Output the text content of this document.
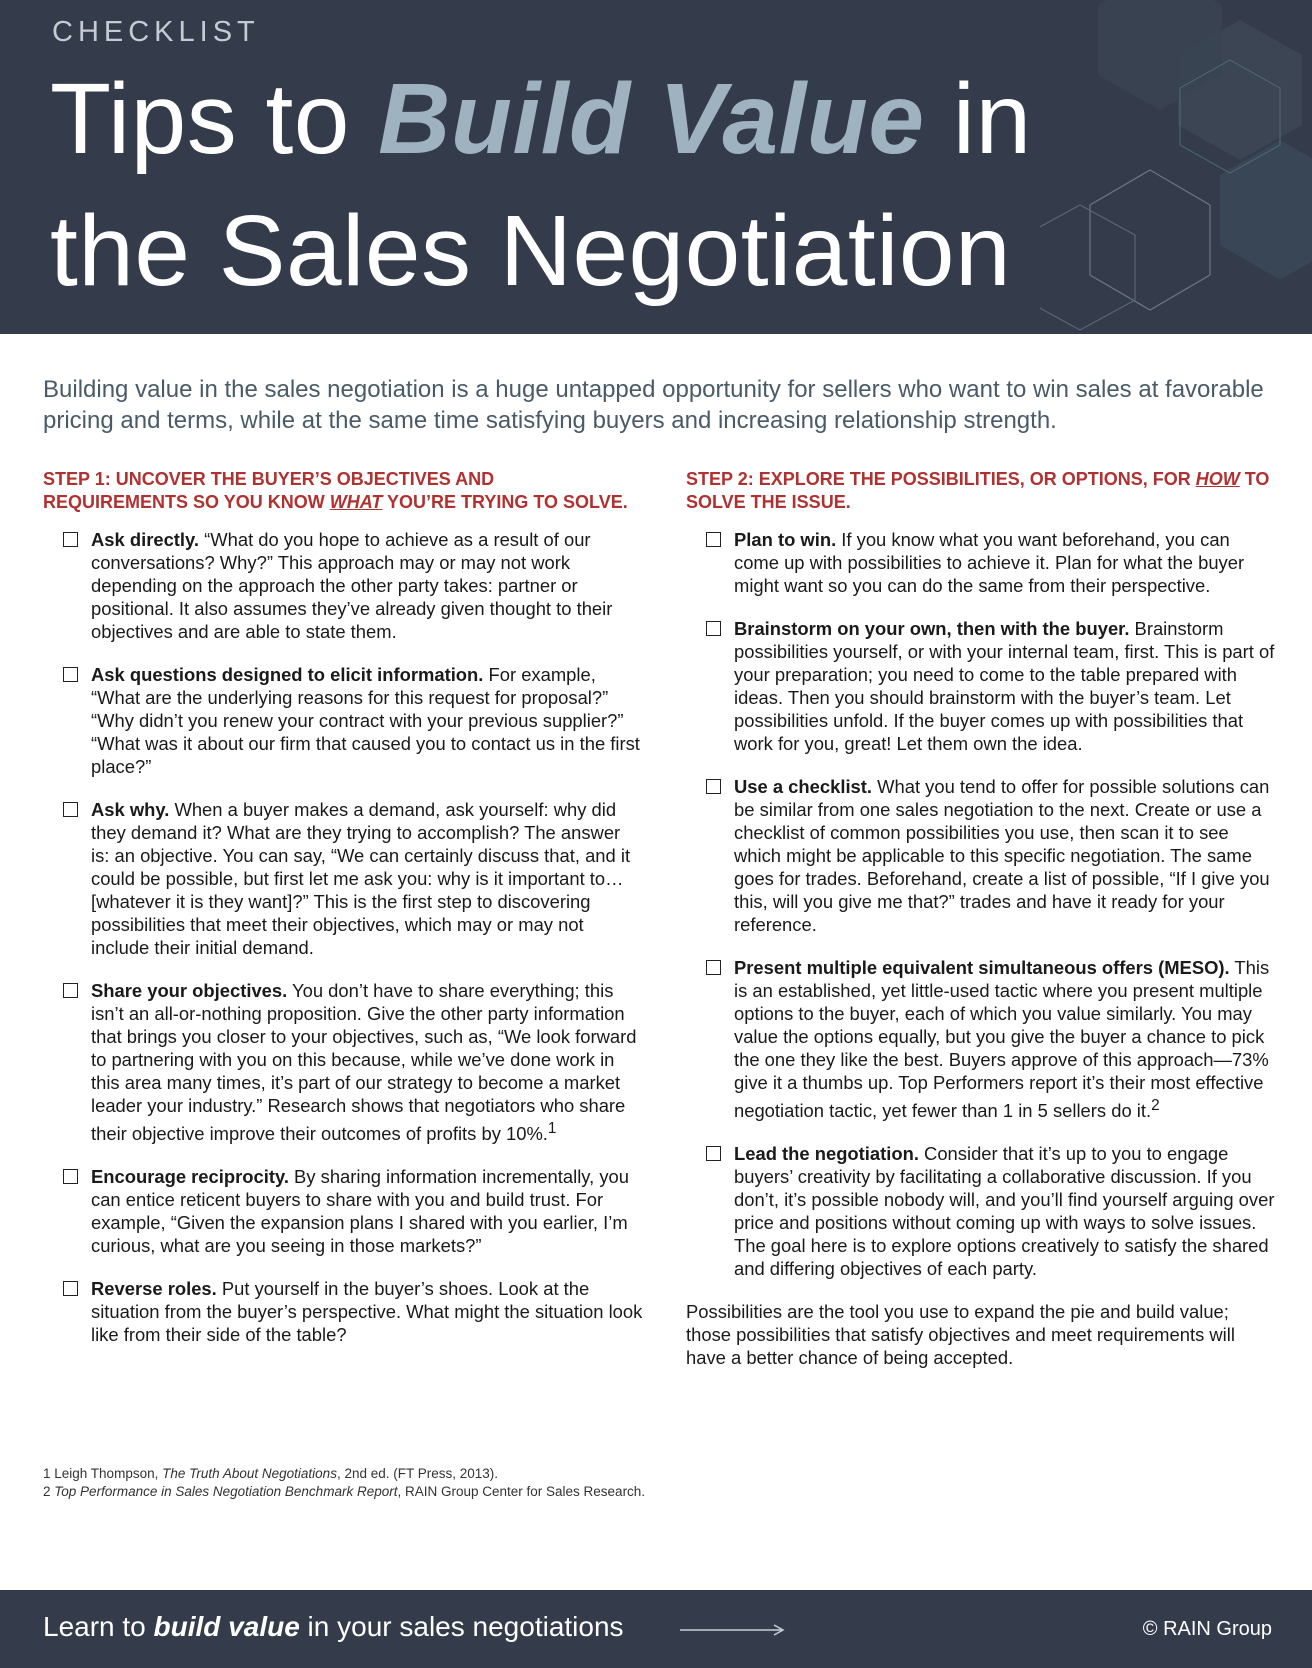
CHECKLIST
Tips to Build Value in
the Sales Negotiation
Building value in the sales negotiation is a huge untapped opportunity for sellers who want to win sales at favorable pricing and terms, while at the same time satisfying buyers and increasing relationship strength.
STEP 1: UNCOVER THE BUYER’S OBJECTIVES AND REQUIREMENTS SO YOU KNOW WHAT YOU’RE TRYING TO SOLVE.
Ask directly. “What do you hope to achieve as a result of our conversations? Why?” This approach may or may not work depending on the approach the other party takes: partner or positional. It also assumes they’ve already given thought to their objectives and are able to state them.
Ask questions designed to elicit information. For example, “What are the underlying reasons for this request for proposal?” “Why didn’t you renew your contract with your previous supplier?” “What was it about our firm that caused you to contact us in the first place?”
Ask why. When a buyer makes a demand, ask yourself: why did they demand it? What are they trying to accomplish? The answer is: an objective. You can say, “We can certainly discuss that, and it could be possible, but first let me ask you: why is it important to… [whatever it is they want]?” This is the first step to discovering possibilities that meet their objectives, which may or may not include their initial demand.
Share your objectives. You don’t have to share everything; this isn’t an all-or-nothing proposition. Give the other party information that brings you closer to your objectives, such as, “We look forward to partnering with you on this because, while we’ve done work in this area many times, it’s part of our strategy to become a market leader your industry.” Research shows that negotiators who share their objective improve their outcomes of profits by 10%.$^1$
Encourage reciprocity. By sharing information incrementally, you can entice reticent buyers to share with you and build trust. For example, “Given the expansion plans I shared with you earlier, I’m curious, what are you seeing in those markets?”
Reverse roles. Put yourself in the buyer’s shoes. Look at the situation from the buyer’s perspective. What might the situation look like from their side of the table?
STEP 2: EXPLORE THE POSSIBILITIES, OR OPTIONS, FOR HOW TO SOLVE THE ISSUE.
Plan to win. If you know what you want beforehand, you can come up with possibilities to achieve it. Plan for what the buyer might want so you can do the same from their perspective.
Brainstorm on your own, then with the buyer. Brainstorm possibilities yourself, or with your internal team, first. This is part of your preparation; you need to come to the table prepared with ideas. Then you should brainstorm with the buyer’s team. Let possibilities unfold. If the buyer comes up with possibilities that work for you, great! Let them own the idea.
Use a checklist. What you tend to offer for possible solutions can be similar from one sales negotiation to the next. Create or use a checklist of common possibilities you use, then scan it to see which might be applicable to this specific negotiation. The same goes for trades. Beforehand, create a list of possible, “If I give you this, will you give me that?” trades and have it ready for your reference.
Present multiple equivalent simultaneous offers (MESO). This is an established, yet little-used tactic where you present multiple options to the buyer, each of which you value similarly. You may value the options equally, but you give the buyer a chance to pick the one they like the best. Buyers approve of this approach—73% give it a thumbs up. Top Performers report it’s their most effective negotiation tactic, yet fewer than 1 in 5 sellers do it.$^2$
Lead the negotiation. Consider that it’s up to you to engage buyers’ creativity by facilitating a collaborative discussion. If you don’t, it’s possible nobody will, and you’ll find yourself arguing over price and positions without coming up with ways to solve issues. The goal here is to explore options creatively to satisfy the shared and differing objectives of each party.
Possibilities are the tool you use to expand the pie and build value; those possibilities that satisfy objectives and meet requirements will have a better chance of being accepted.
1 Leigh Thompson, The Truth About Negotiations, 2nd ed. (FT Press, 2013).
2 Top Performance in Sales Negotiation Benchmark Report, RAIN Group Center for Sales Research.
Learn to build value in your sales negotiations	© RAIN Group
